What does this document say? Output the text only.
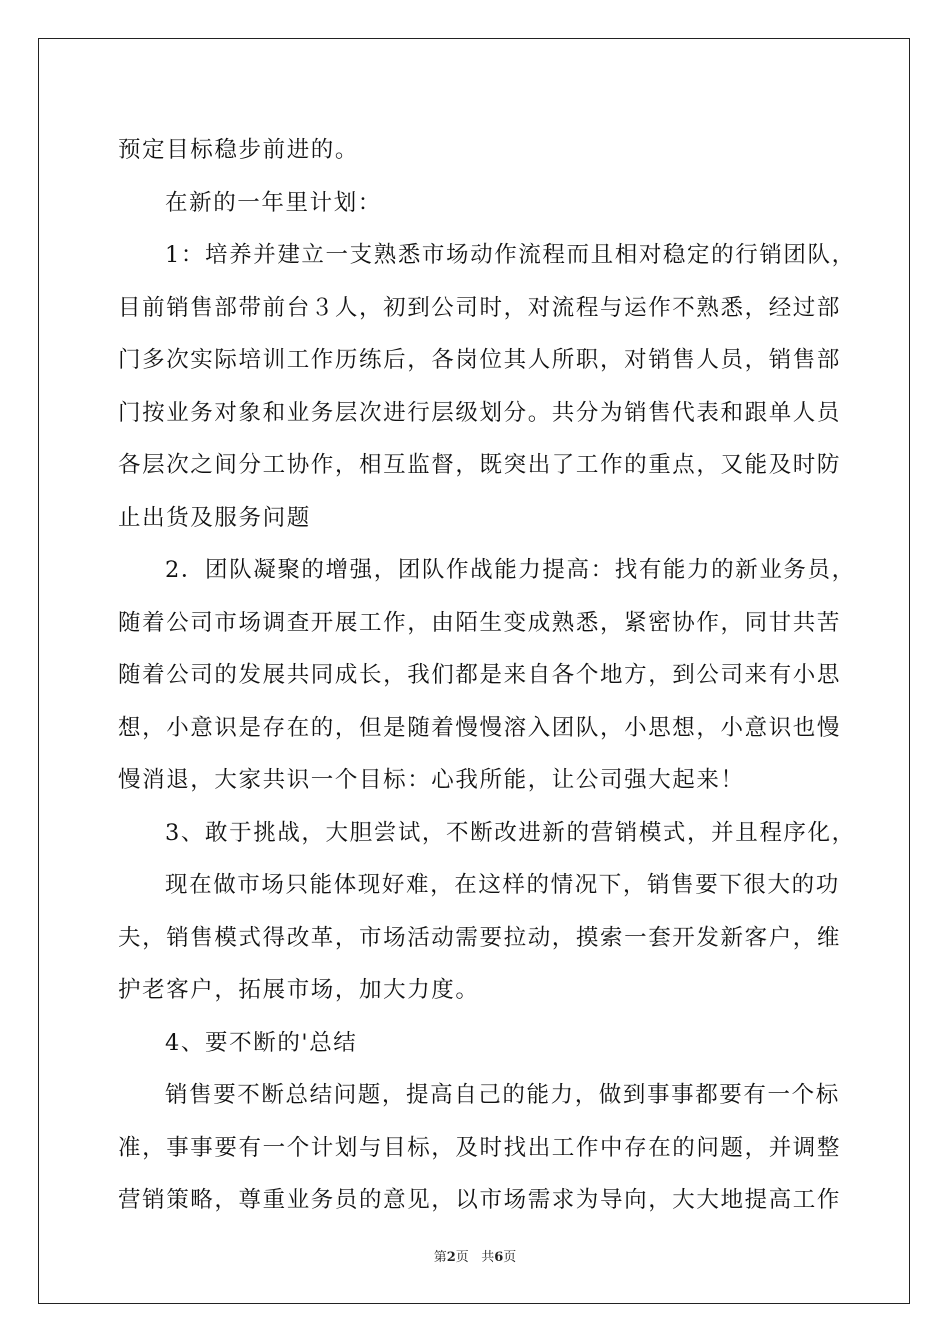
预定目标稳步前进的。
在新的一年里计划：
1：培养并建立一支熟悉市场动作流程而且相对稳定的行销团队，
目前销售部带前台３人，初到公司时，对流程与运作不熟悉，经过部
门多次实际培训工作历练后，各岗位其人所职，对销售人员，销售部
门按业务对象和业务层次进行层级划分。共分为销售代表和跟单人员
各层次之间分工协作，相互监督，既突出了工作的重点，又能及时防
止出货及服务问题
2．团队凝聚的增强，团队作战能力提高：找有能力的新业务员，
随着公司市场调查开展工作，由陌生变成熟悉，紧密协作，同甘共苦
随着公司的发展共同成长，我们都是来自各个地方，到公司来有小思
想，小意识是存在的，但是随着慢慢溶入团队，小思想，小意识也慢
慢消退，大家共识一个目标：心我所能，让公司强大起来！
3、敢于挑战，大胆尝试，不断改进新的营销模式，并且程序化，
现在做市场只能体现好难，在这样的情况下，销售要下很大的功
夫，销售模式得改革，市场活动需要拉动，摸索一套开发新客户，维
护老客户，拓展市场，加大力度。
4、要不断的'总结
销售要不断总结问题，提高自己的能力，做到事事都要有一个标
准，事事要有一个计划与目标，及时找出工作中存在的问题，并调整
营销策略，尊重业务员的意见，以市场需求为导向，大大地提高工作
第2页 共6页
